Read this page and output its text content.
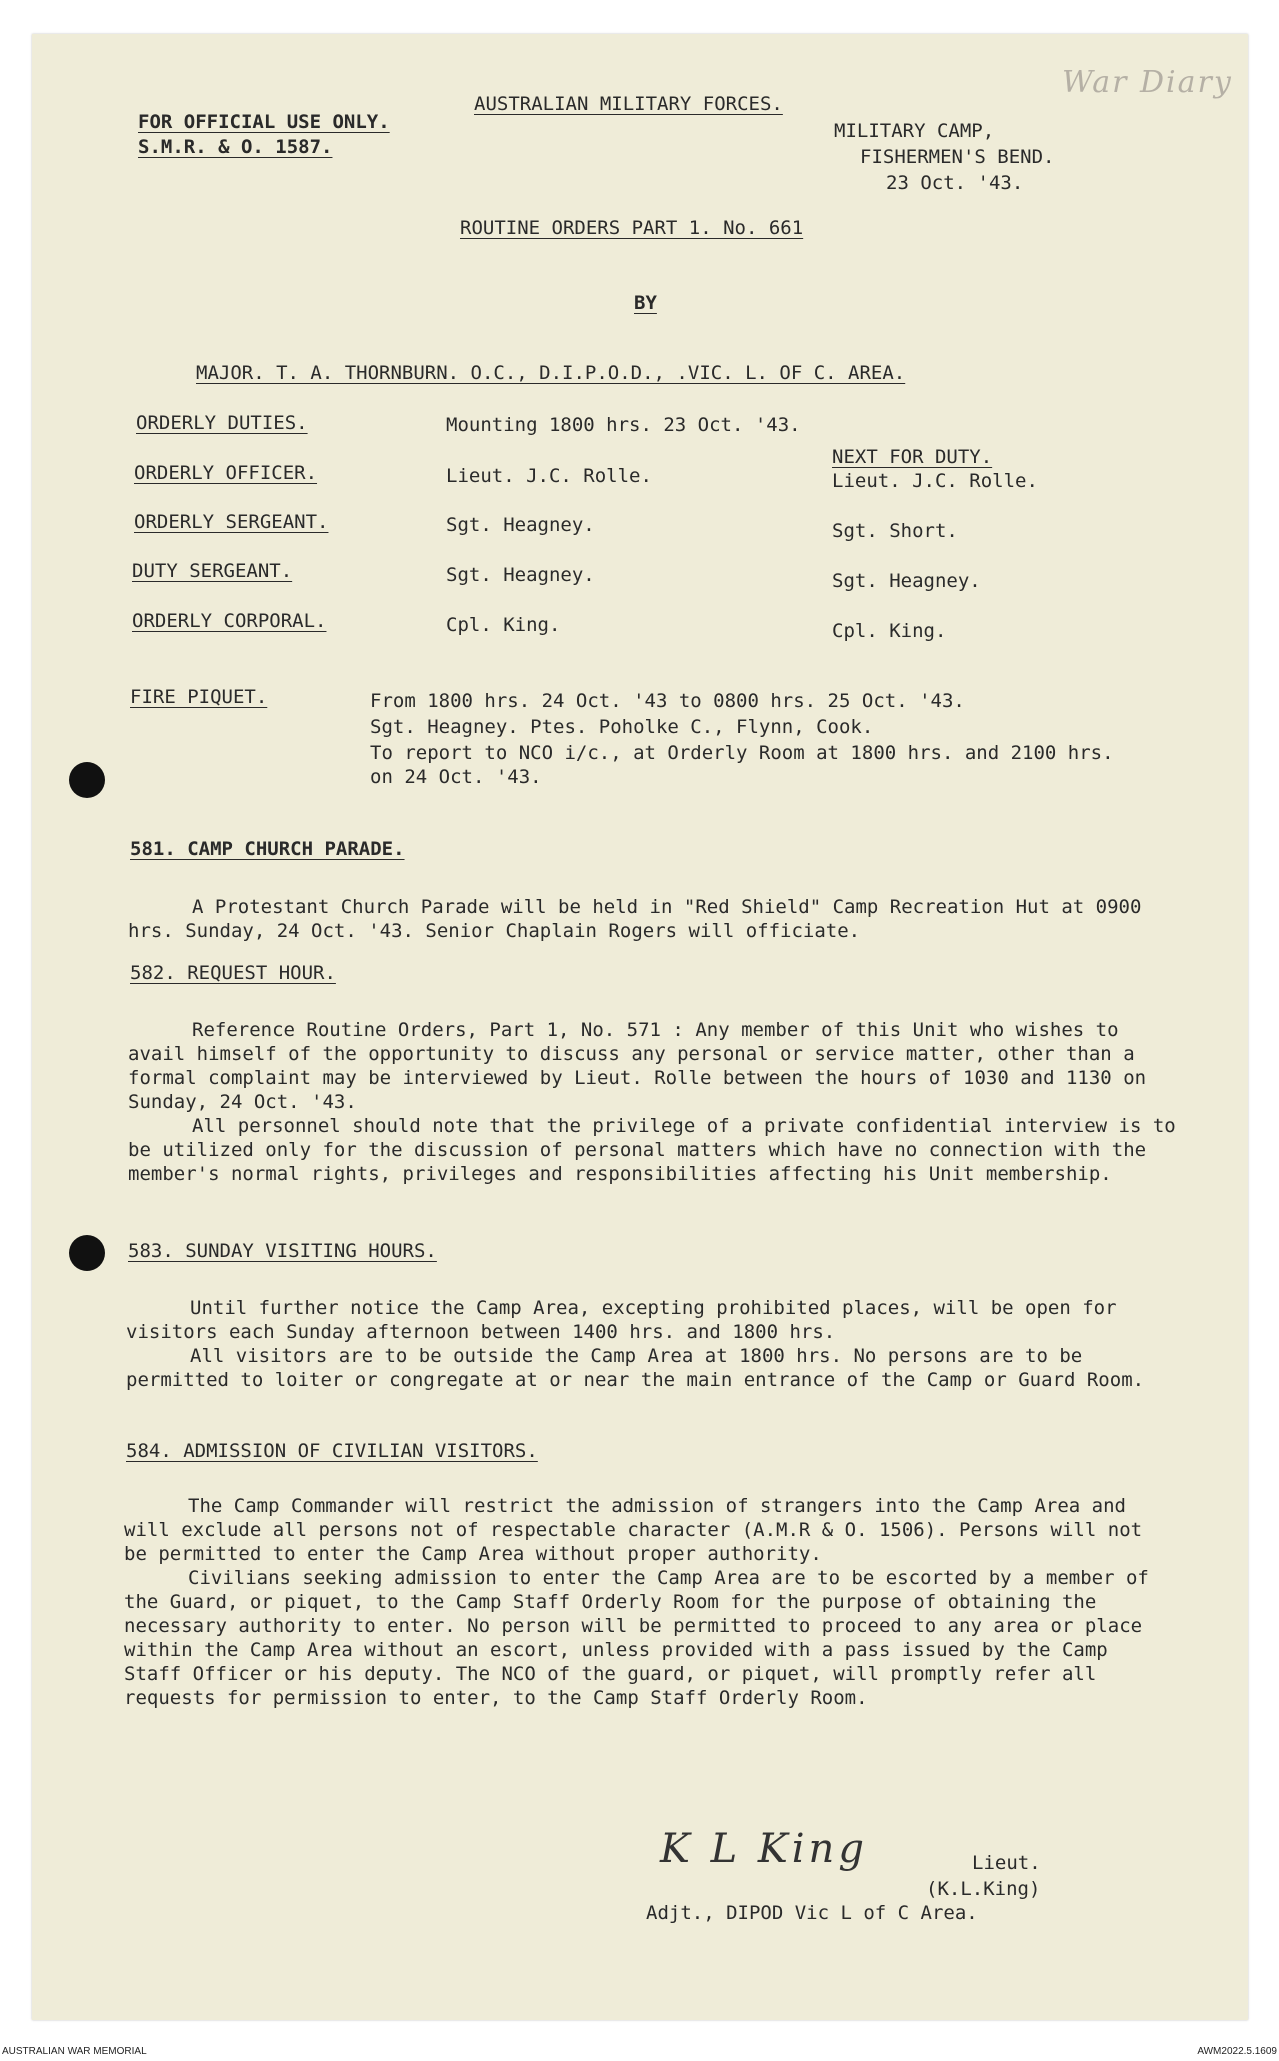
FOR OFFICIAL USE ONLY.
S.M.R. & O. 1587.
AUSTRALIAN MILITARY FORCES.
War Diary
MILITARY CAMP,
FISHERMEN'S BEND.
23 Oct. '43.
ROUTINE ORDERS PART 1. No. 661
BY
MAJOR. T. A. THORNBURN. O.C., D.I.P.O.D., .VIC. L. OF C. AREA.
NEXT FOR DUTY.
ORDERLY DUTIES.	Mounting 1800 hrs. 23 Oct. '43.
ORDERLY OFFICER.	Lieut. J.C. Rolle.	Lieut. J.C. Rolle.
ORDERLY SERGEANT.	Sgt. Heagney.	Sgt. Short.
DUTY SERGEANT.	Sgt. Heagney.	Sgt. Heagney.
ORDERLY CORPORAL.	Cpl. King.	Cpl. King.
FIRE PIQUET.	From 1800 hrs. 24 Oct. '43 to 0800 hrs. 25 Oct. '43.
Sgt. Heagney. Ptes. Poholke C., Flynn, Cook.
To report to NCO i/c., at Orderly Room at 1800 hrs. and 2100 hrs.
on 24 Oct. '43.
581. CAMP CHURCH PARADE.
A Protestant Church Parade will be held in "Red Shield" Camp Recreation Hut at 0900 hrs. Sunday, 24 Oct. '43. Senior Chaplain Rogers will officiate.
582. REQUEST HOUR.
Reference Routine Orders, Part 1, No. 571 : Any member of this Unit who wishes to avail himself of the opportunity to discuss any personal or service matter, other than a formal complaint may be interviewed by Lieut. Rolle between the hours of 1030 and 1130 on Sunday, 24 Oct. '43.
All personnel should note that the privilege of a private confidential interview is to be utilized only for the discussion of personal matters which have no connection with the member's normal rights, privileges and responsibilities affecting his Unit membership.
583. SUNDAY VISITING HOURS.
Until further notice the Camp Area, excepting prohibited places, will be open for visitors each Sunday afternoon between 1400 hrs. and 1800 hrs.
All visitors are to be outside the Camp Area at 1800 hrs. No persons are to be permitted to loiter or congregate at or near the main entrance of the Camp or Guard Room.
584. ADMISSION OF CIVILIAN VISITORS.
The Camp Commander will restrict the admission of strangers into the Camp Area and will exclude all persons not of respectable character (A.M.R & O. 1506). Persons will not be permitted to enter the Camp Area without proper authority.
Civilians seeking admission to enter the Camp Area are to be escorted by a member of the Guard, or piquet, to the Camp Staff Orderly Room for the purpose of obtaining the necessary authority to enter. No person will be permitted to proceed to any area or place within the Camp Area without an escort, unless provided with a pass issued by the Camp Staff Officer or his deputy. The NCO of the guard, or piquet, will promptly refer all requests for permission to enter, to the Camp Staff Orderly Room.
K L King	Lieut.
(K.L.King)
Adjt., DIPOD Vic L of C Area.
AUSTRALIAN WAR MEMORIAL	AWM2022.5.1609
